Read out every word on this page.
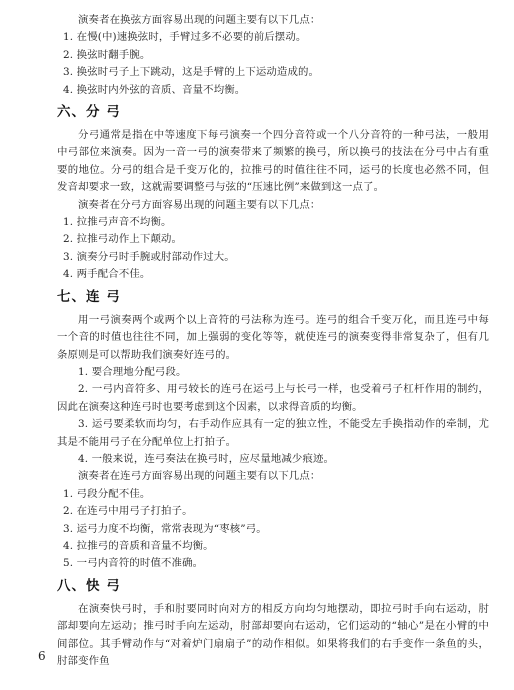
演奏者在换弦方面容易出现的问题主要有以下几点：

1. 在慢(中)速换弦时，手臂过多不必要的前后摆动。

2. 换弦时翻手腕。

3. 换弦时弓子上下跳动，这是手臂的上下运动造成的。

4. 换弦时内外弦的音质、音量不均衡。

六、分 弓

分弓通常是指在中等速度下每弓演奏一个四分音符或一个八分音符的一种弓法，一般用中弓部位来演奏。因为一音一弓的演奏带来了频繁的换弓，所以换弓的技法在分弓中占有重要的地位。分弓的组合是千变万化的，拉推弓的时值往往不同，运弓的长度也必然不同，但发音却要求一致，这就需要调整弓与弦的“压速比例”来做到这一点了。

演奏者在分弓方面容易出现的问题主要有以下几点：

1. 拉推弓声音不均衡。

2. 拉推弓动作上下颠动。

3. 演奏分弓时手腕或肘部动作过大。

4. 两手配合不佳。

七、连 弓

用一弓演奏两个或两个以上音符的弓法称为连弓。连弓的组合千变万化，而且连弓中每一个音的时值也往往不同，加上强弱的变化等等，就使连弓的演奏变得非常复杂了，但有几条原则是可以帮助我们演奏好连弓的。

1. 要合理地分配弓段。

2. 一弓内音符多、用弓较长的连弓在运弓上与长弓一样，也受着弓子杠杆作用的制约，因此在演奏这种连弓时也要考虑到这个因素，以求得音质的均衡。

3. 运弓要柔软而均匀，右手动作应具有一定的独立性，不能受左手换指动作的牵制，尤其是不能用弓子在分配单位上打拍子。

4. 一般来说，连弓奏法在换弓时，应尽量地减少痕迹。

演奏者在连弓方面容易出现的问题主要有以下几点：

1. 弓段分配不佳。

2. 在连弓中用弓子打拍子。

3. 运弓力度不均衡，常常表现为“枣核”弓。

4. 拉推弓的音质和音量不均衡。

5. 一弓内音符的时值不准确。

八、快 弓

在演奏快弓时，手和肘要同时向对方的相反方向均匀地摆动，即拉弓时手向右运动，肘部却要向左运动；推弓时手向左运动，肘部却要向右运动，它们运动的“轴心”是在小臂的中间部位。其手臂动作与“对着炉门扇扇子”的动作相似。如果将我们的右手变作一条鱼的头，肘部变作鱼

6
